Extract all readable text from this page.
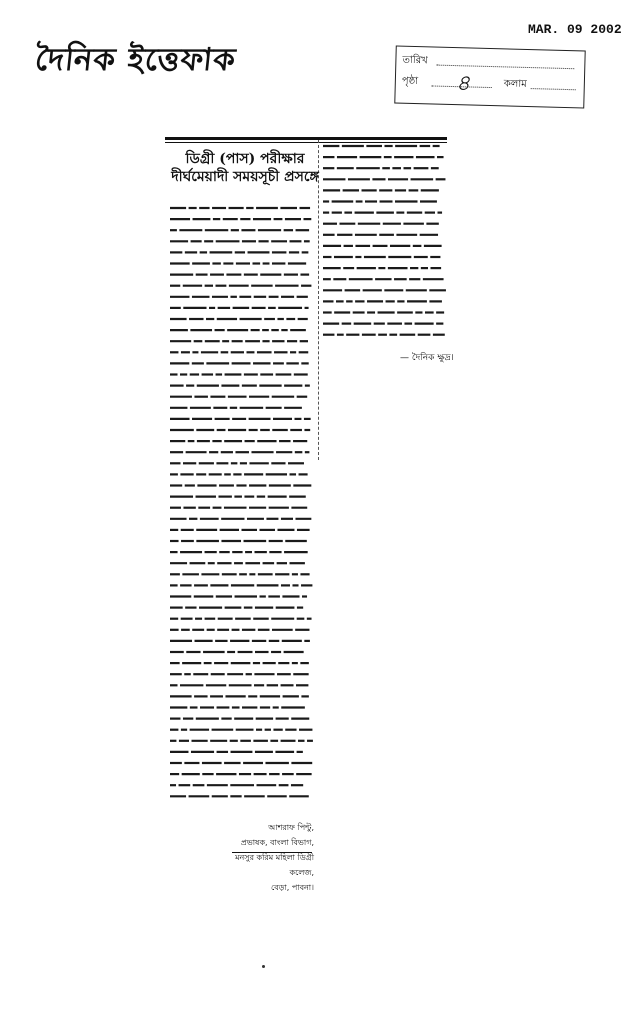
দৈনিক ইত্তেফাক
MAR. 09 2002
তারিখ
পৃষ্ঠা ৪	কলাম
ডিগ্রী (পাস) পরীক্ষার দীর্ঘমেয়াদী সময়সূচী প্রসঙ্গে
আশরাফ পিন্টু,
প্রভাষক, বাংলা বিভাগ,
মনসুর করিম মহিলা ডিগ্রী
কলেজ,
বেড়া, পাবনা।
— দৈনিক ক্ষুদ্র।
